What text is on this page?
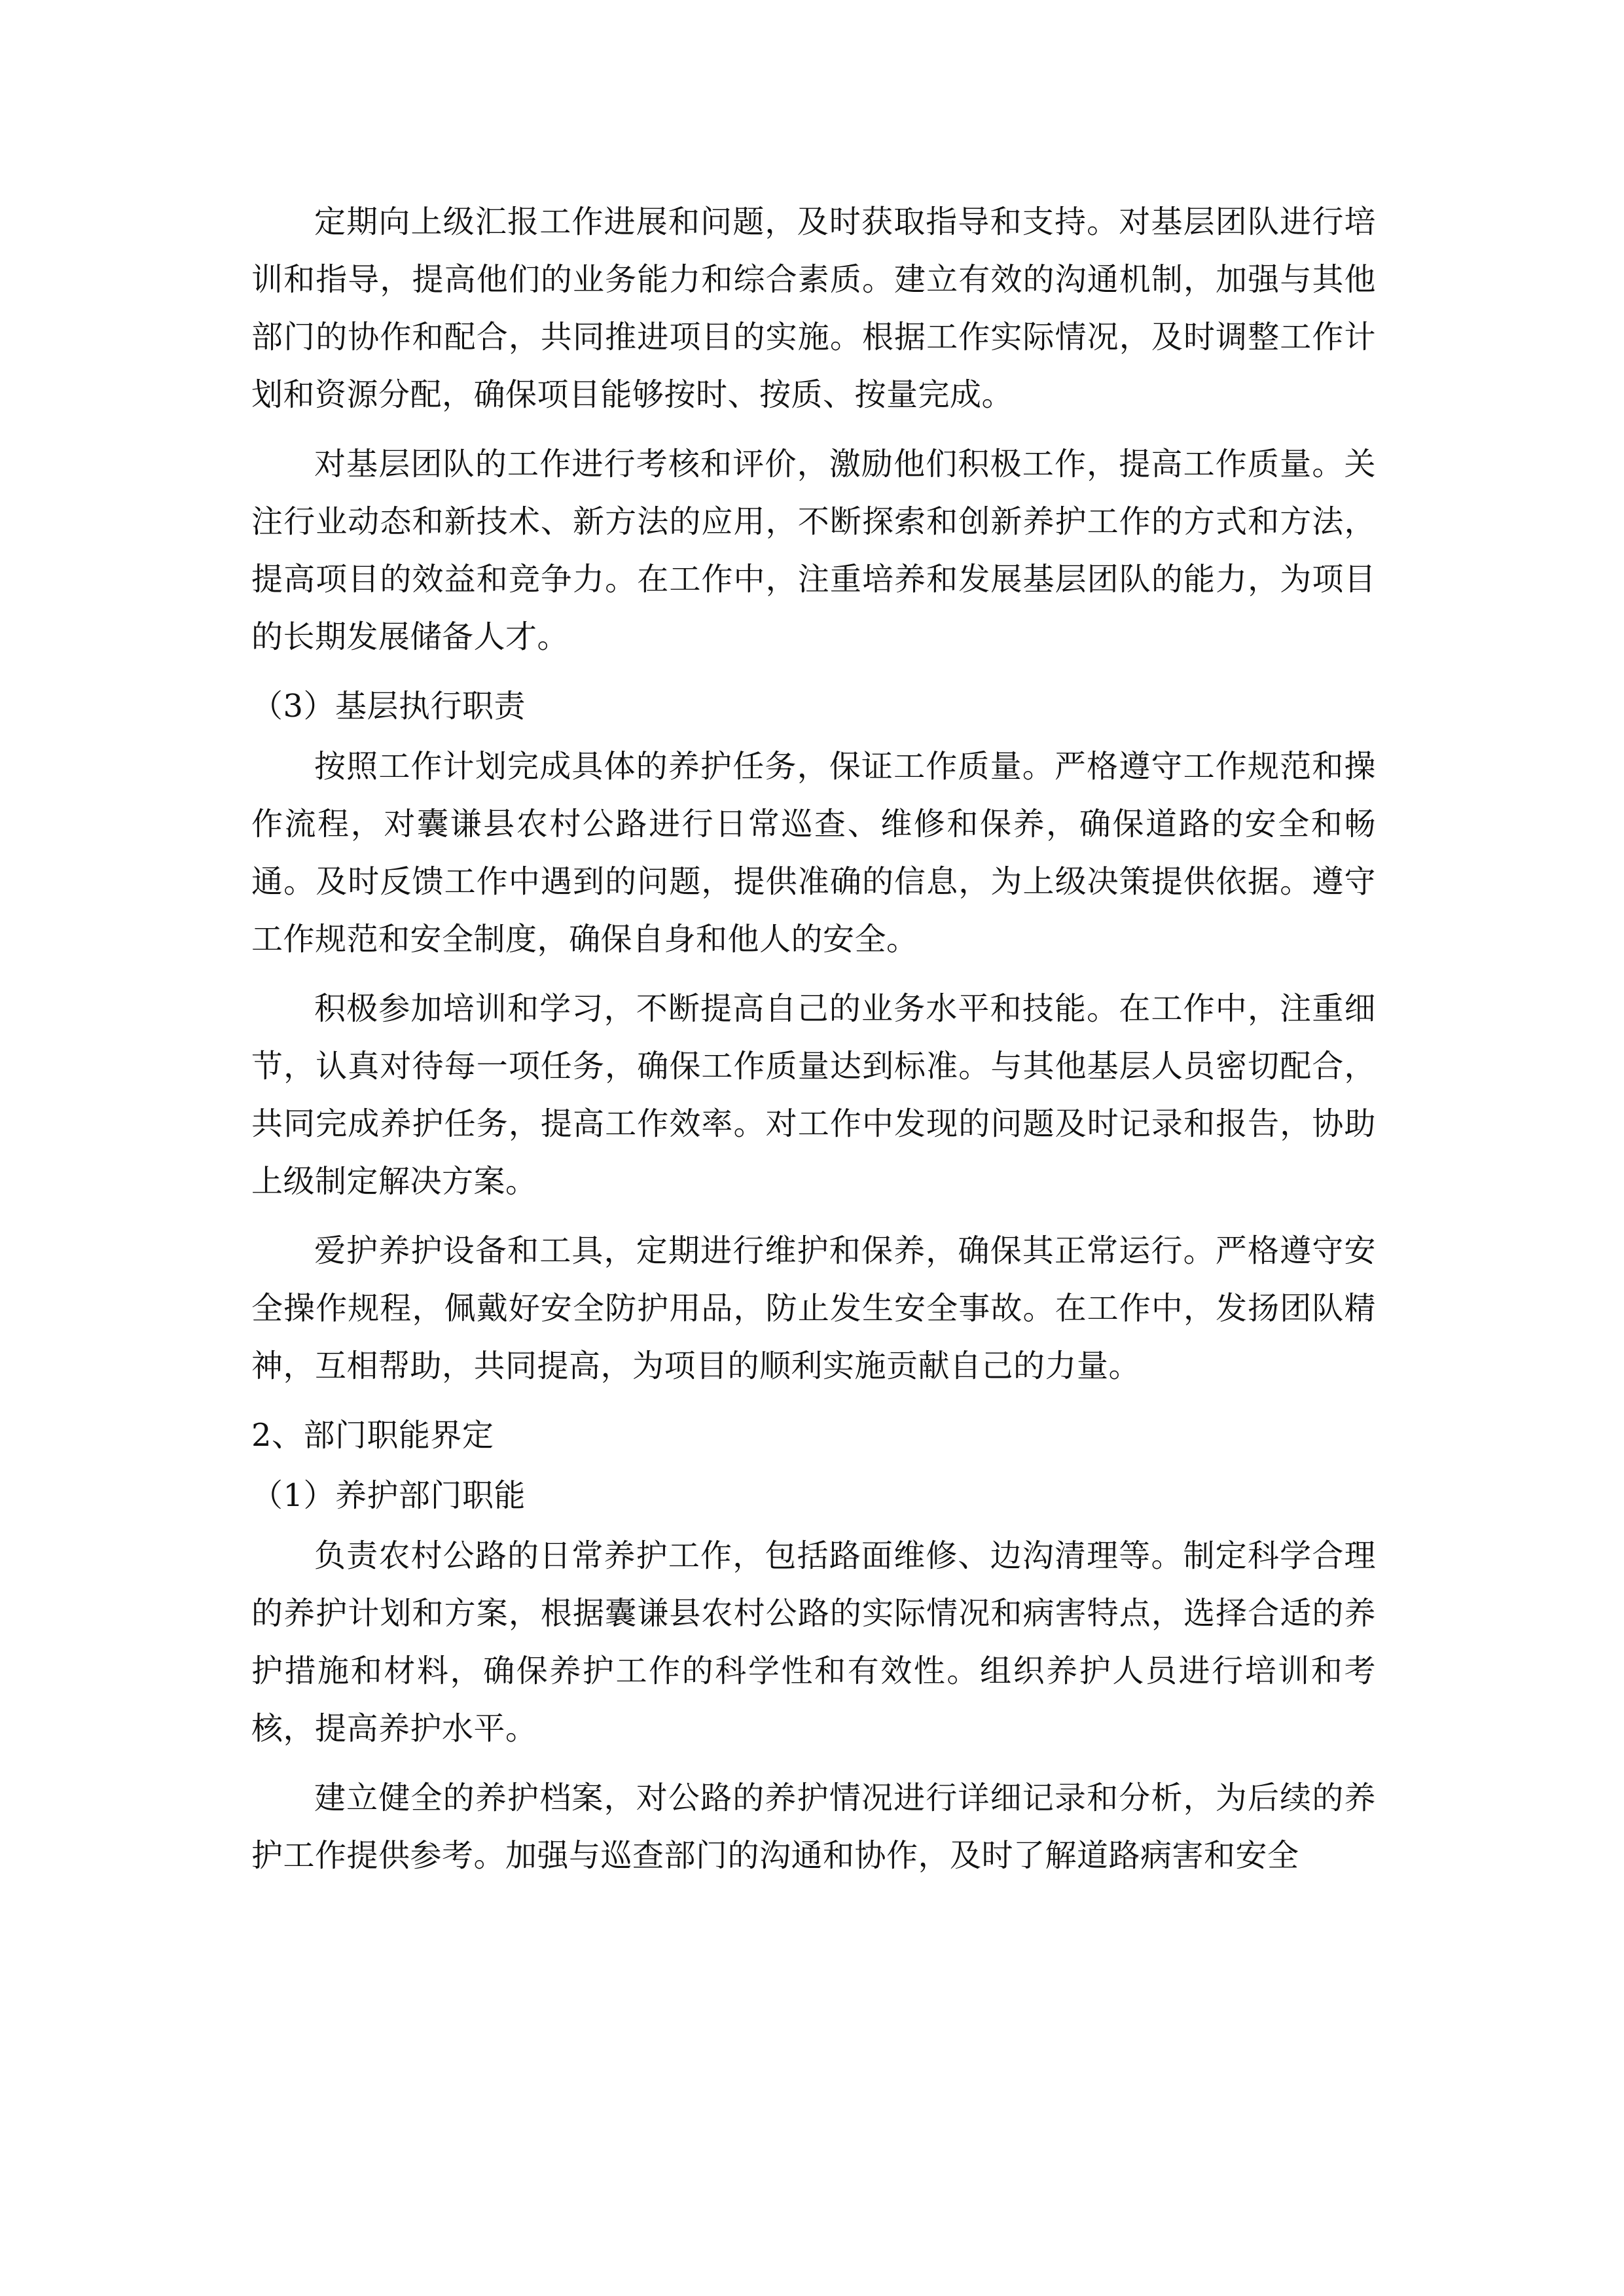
定期向上级汇报工作进展和问题，及时获取指导和支持。对基层团队进行培训和指导，提高他们的业务能力和综合素质。建立有效的沟通机制，加强与其他部门的协作和配合，共同推进项目的实施。根据工作实际情况，及时调整工作计划和资源分配，确保项目能够按时、按质、按量完成。

对基层团队的工作进行考核和评价，激励他们积极工作，提高工作质量。关注行业动态和新技术、新方法的应用，不断探索和创新养护工作的方式和方法，提高项目的效益和竞争力。在工作中，注重培养和发展基层团队的能力，为项目的长期发展储备人才。

（3）基层执行职责

按照工作计划完成具体的养护任务，保证工作质量。严格遵守工作规范和操作流程，对囊谦县农村公路进行日常巡查、维修和保养，确保道路的安全和畅通。及时反馈工作中遇到的问题，提供准确的信息，为上级决策提供依据。遵守工作规范和安全制度，确保自身和他人的安全。

积极参加培训和学习，不断提高自己的业务水平和技能。在工作中，注重细节，认真对待每一项任务，确保工作质量达到标准。与其他基层人员密切配合，共同完成养护任务，提高工作效率。对工作中发现的问题及时记录和报告，协助上级制定解决方案。

爱护养护设备和工具，定期进行维护和保养，确保其正常运行。严格遵守安全操作规程，佩戴好安全防护用品，防止发生安全事故。在工作中，发扬团队精神，互相帮助，共同提高，为项目的顺利实施贡献自己的力量。

2、部门职能界定

（1）养护部门职能

负责农村公路的日常养护工作，包括路面维修、边沟清理等。制定科学合理的养护计划和方案，根据囊谦县农村公路的实际情况和病害特点，选择合适的养护措施和材料，确保养护工作的科学性和有效性。组织养护人员进行培训和考核，提高养护水平。

建立健全的养护档案，对公路的养护情况进行详细记录和分析，为后续的养护工作提供参考。加强与巡查部门的沟通和协作，及时了解道路病害和安全
